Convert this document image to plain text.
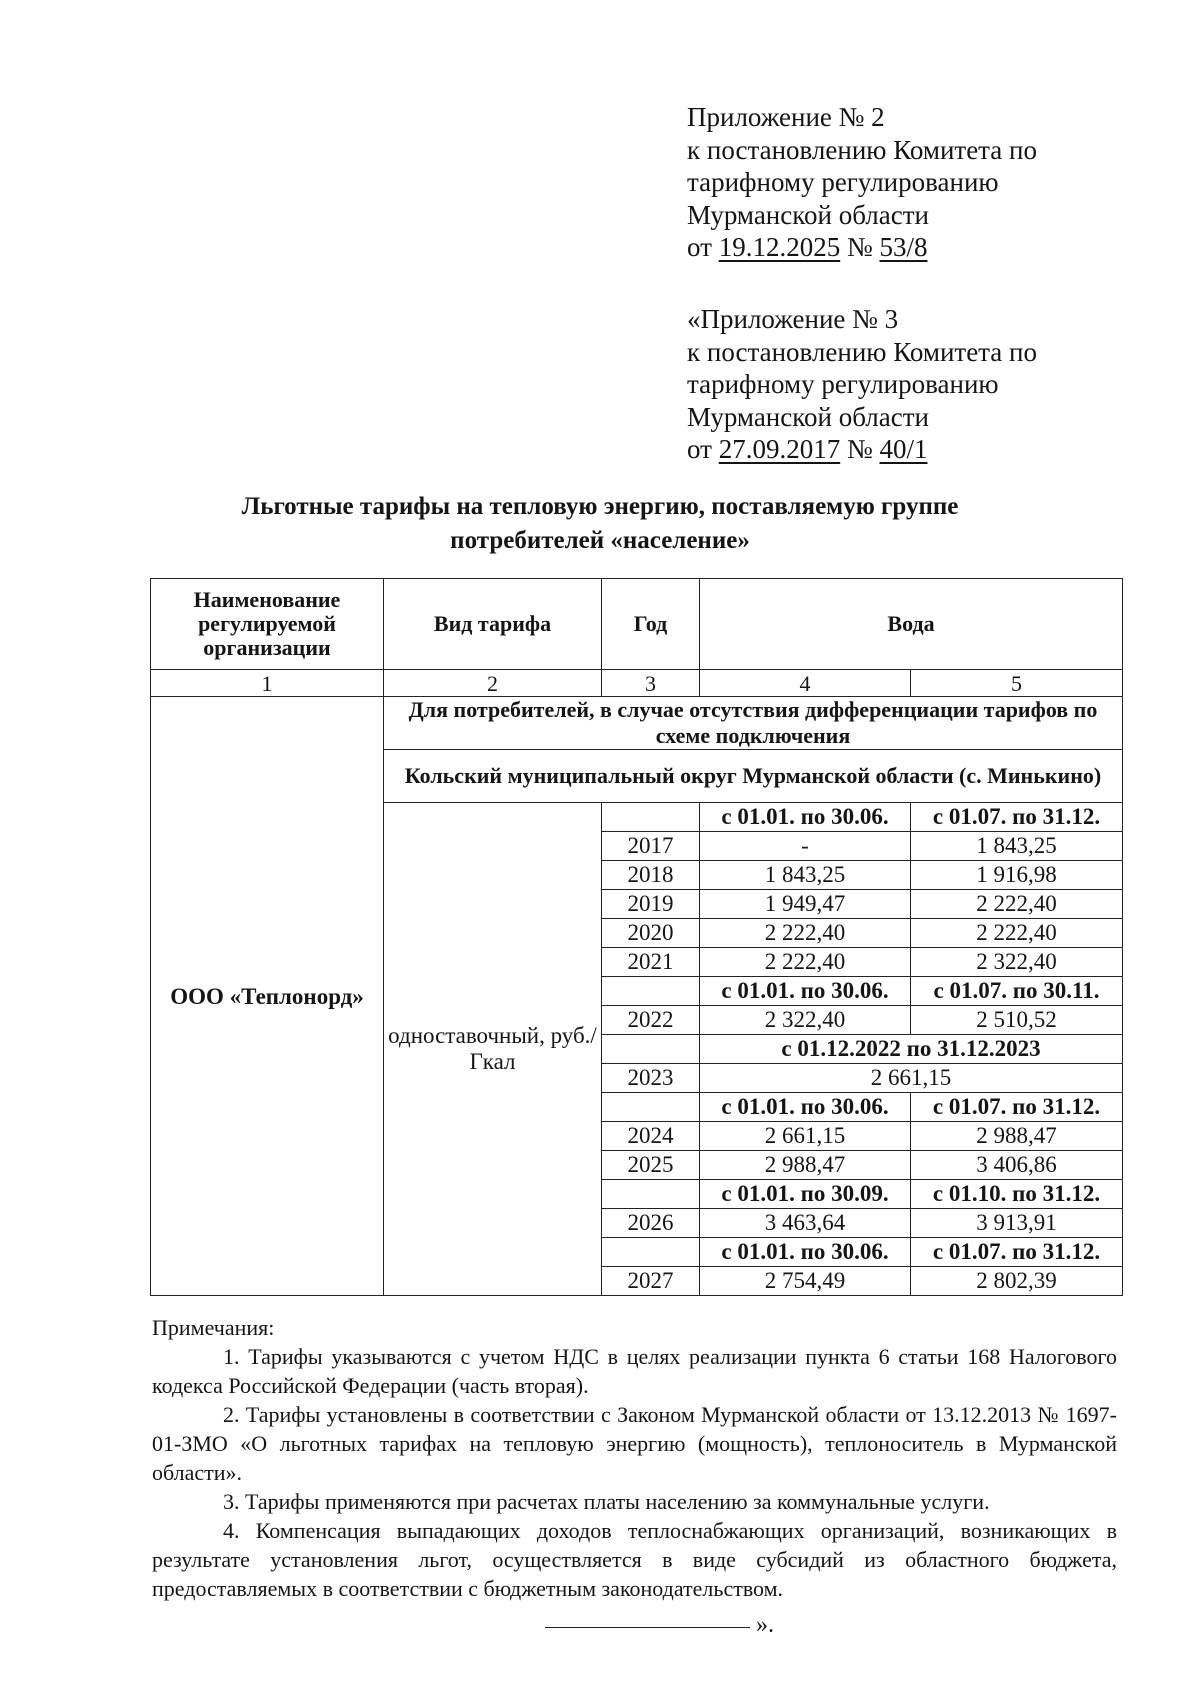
Приложение № 2
к постановлению Комитета по
тарифному регулированию
Мурманской области
от 19.12.2025 № 53/8
«Приложение № 3
к постановлению Комитета по
тарифному регулированию
Мурманской области
от 27.09.2017 № 40/1
Льготные тарифы на тепловую энергию, поставляемую группе
потребителей «население»
Наименование регулируемой организации	Вид тарифа	Год	Вода	
1	2	3	4	5
ООО «Теплонорд»	Для потребителей, в случае отсутствия дифференциации тарифов по схеме подключения			
	Кольский муниципальный округ Мурманской области (с. Минькино)			
	одноставочный, руб./Гкал		с 01.01. по 30.06.	с 01.07. по 31.12.
		2017	-	1 843,25
		2018	1 843,25	1 916,98
		2019	1 949,47	2 222,40
		2020	2 222,40	2 222,40
		2021	2 222,40	2 322,40
			с 01.01. по 30.06.	с 01.07. по 30.11.
		2022	2 322,40	2 510,52
			с 01.12.2022 по 31.12.2023	
		2023	2 661,15	
			с 01.01. по 30.06.	с 01.07. по 31.12.
		2024	2 661,15	2 988,47
		2025	2 988,47	3 406,86
			с 01.01. по 30.09.	с 01.10. по 31.12.
		2026	3 463,64	3 913,91
			с 01.01. по 30.06.	с 01.07. по 31.12.
		2027	2 754,49	2 802,39

Примечания:

1. Тарифы указываются с учетом НДС в целях реализации пункта 6 статьи 168 Налогового кодекса Российской Федерации (часть вторая).

2. Тарифы установлены в соответствии с Законом Мурманской области от 13.12.2013 № 1697-01-ЗМО «О льготных тарифах на тепловую энергию (мощность), теплоноситель в Мурманской области».

3. Тарифы применяются при расчетах платы населению за коммунальные услуги.

4. Компенсация выпадающих доходов теплоснабжающих организаций, возникающих в результате установления льгот, осуществляется в виде субсидий из областного бюджета, предоставляемых в соответствии с бюджетным законодательством.

».
